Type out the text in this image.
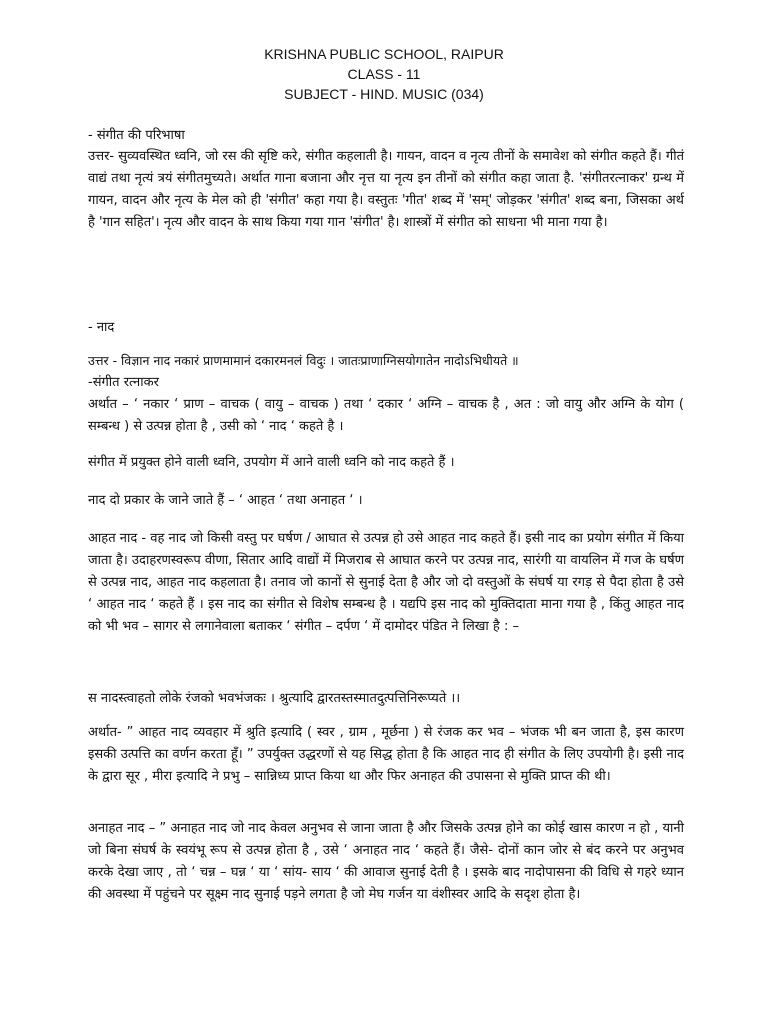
KRISHNA PUBLIC SCHOOL, RAIPUR
CLASS - 11
SUBJECT - HIND. MUSIC (034)

- संगीत की परिभाषा

उत्तर- सुव्यवस्थित ध्वनि, जो रस की सृष्टि करे, संगीत कहलाती है। गायन, वादन व नृत्य तीनों के समावेश को संगीत कहते हैं। गीतं वाद्यं तथा नृत्यं त्रयं संगीतमुच्यते। अर्थात गाना बजाना और नृत्त या नृत्य इन तीनों को संगीत कहा जाता है. 'संगीतरत्नाकर' ग्रन्थ में गायन, वादन और नृत्य के मेल को ही 'संगीत' कहा गया है। वस्तुतः 'गीत' शब्द में 'सम्' जोड़कर 'संगीत' शब्द बना, जिसका अर्थ है 'गान सहित'। नृत्य और वादन के साथ किया गया गान 'संगीत' है। शास्त्रों में संगीत को साधना भी माना गया है।

- नाद

उत्तर - विज्ञान नाद नकारं प्राणमामानं दकारमनलं विदुः । जातःप्राणाग्निसयोगातेन नादोऽभिधीयते ॥

-संगीत रत्नाकर

अर्थात – ‘ नकार ‘ प्राण – वाचक ( वायु – वाचक ) तथा ‘ दकार ‘ अग्नि – वाचक है , अत : जो वायु और अग्नि के योग ( सम्बन्ध ) से उत्पन्न होता है , उसी को ‘ नाद ‘ कहते है ।

संगीत में प्रयुक्त होने वाली ध्वनि, उपयोग में आने वाली ध्वनि को नाद कहते हैं ।

नाद दो प्रकार के जाने जाते हैं – ‘ आहत ‘ तथा अनाहत ‘ ।

आहत नाद - वह नाद जो किसी वस्तु पर घर्षण / आघात से उत्पन्न हो उसे आहत नाद कहते हैं। इसी नाद का प्रयोग संगीत में किया जाता है। उदाहरणस्वरूप वीणा, सितार आदि वाद्यों में मिजराब से आघात करने पर उत्पन्न नाद, सारंगी या वायलिन में गज के घर्षण से उत्पन्न नाद, आहत नाद कहलाता है। तनाव जो कानों से सुनाई देता है और जो दो वस्तुओं के संघर्ष या रगड़ से पैदा होता है उसे ‘ आहत नाद ‘ कहते हैं । इस नाद का संगीत से विशेष सम्बन्ध है । यद्यपि इस नाद को मुक्तिदाता माना गया है , किंतु आहत नाद को भी भव – सागर से लगानेवाला बताकर ‘ संगीत – दर्पण ‘ में दामोदर पंडित ने लिखा है : –

स नादस्त्वाहतो लोके रंजको भवभंजकः । श्रुत्यादि द्वारतस्तस्मातदुत्पत्तिनिरूप्यते ।।

अर्थात- ” आहत नाद व्यवहार में श्रुति इत्यादि ( स्वर , ग्राम , मूर्छना ) से रंजक कर भव – भंजक भी बन जाता है, इस कारण इसकी उत्पत्ति का वर्णन करता हूँ। ” उपर्युक्त उद्धरणों से यह सिद्ध होता है कि आहत नाद ही संगीत के लिए उपयोगी है। इसी नाद के द्वारा सूर , मीरा इत्यादि ने प्रभु – सान्निध्य प्राप्त किया था और फिर अनाहत की उपासना से मुक्ति प्राप्त की थी।

अनाहत नाद – ” अनाहत नाद जो नाद केवल अनुभव से जाना जाता है और जिसके उत्पन्न होने का कोई खास कारण न हो , यानी जो बिना संघर्ष के स्वयंभू रूप से उत्पन्न होता है , उसे ‘ अनाहत नाद ‘ कहते हैं। जैसे- दोनों कान जोर से बंद करने पर अनुभव करके देखा जाए , तो ‘ चन्न – घन्न ‘ या ‘ सांय- साय ‘ की आवाज सुनाई देती है । इसके बाद नादोपासना की विधि से गहरे ध्यान की अवस्था में पहुंचने पर सूक्ष्म नाद सुनाई पड़ने लगता है जो मेघ गर्जन या वंशीस्वर आदि के सदृश होता है।
